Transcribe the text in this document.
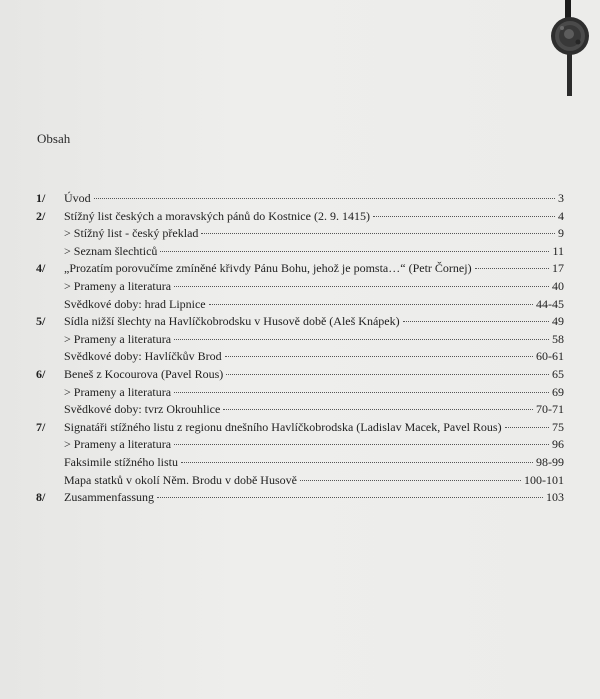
Obsah
1/ Úvod	3
2/ Stížný list českých a moravských pánů do Kostnice (2. 9. 1415)	4
> Stížný list - český překlad	9
> Seznam šlechticů	11
4/ „Prozatím porovučíme zmíněné křivdy Pánu Bohu, jehož je pomsta…“ (Petr Čornej)	17
> Prameny a literatura	40
Svědkové doby: hrad Lipnice	44-45
5/ Sídla nižší šlechty na Havlíčkobrodsku v Husově době (Aleš Knápek)	49
> Prameny a literatura	58
Svědkové doby: Havlíčkův Brod	60-61
6/ Beneš z Kocourova (Pavel Rous)	65
> Prameny a literatura	69
Svědkové doby: tvrz Okrouhlice	70-71
7/ Signatáři stížného listu z regionu dnešního Havlíčkobrodska (Ladislav Macek, Pavel Rous)	75
> Prameny a literatura	96
Faksimile stížného listu	98-99
Mapa statků v okolí Něm. Brodu v době Husově	100-101
8/ Zusammenfassung	103
